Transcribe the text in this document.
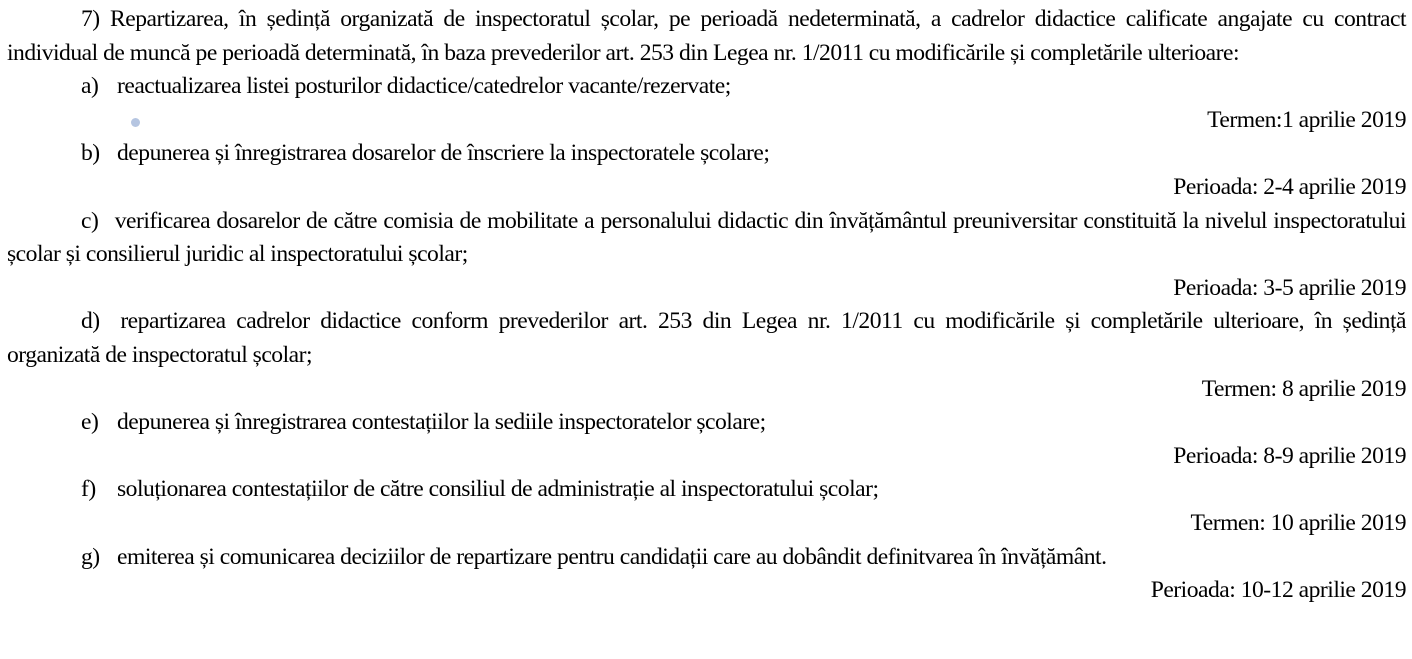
7) Repartizarea, în ședință organizată de inspectoratul școlar, pe perioadă nedeterminată, a cadrelor didactice calificate angajate cu contract individual de muncă pe perioadă determinată, în baza prevederilor art. 253 din Legea nr. 1/2011 cu modificările și completările ulterioare:

a) reactualizarea listei posturilor didactice/catedrelor vacante/rezervate;

Termen:1 aprilie 2019

b) depunerea și înregistrarea dosarelor de înscriere la inspectoratele școlare;

Perioada: 2-4 aprilie 2019

c) verificarea dosarelor de către comisia de mobilitate a personalului didactic din învățământul preuniversitar constituită la nivelul inspectoratului școlar și consilierul juridic al inspectoratului școlar;

Perioada: 3-5 aprilie 2019

d) repartizarea cadrelor didactice conform prevederilor art. 253 din Legea nr. 1/2011 cu modificările și completările ulterioare, în ședință organizată de inspectoratul școlar;

Termen: 8 aprilie 2019

e) depunerea și înregistrarea contestațiilor la sediile inspectoratelor școlare;

Perioada: 8-9 aprilie 2019

f) soluționarea contestațiilor de către consiliul de administrație al inspectoratului școlar;

Termen: 10 aprilie 2019

g) emiterea și comunicarea deciziilor de repartizare pentru candidații care au dobândit definitvarea în învățământ.

Perioada: 10-12 aprilie 2019
